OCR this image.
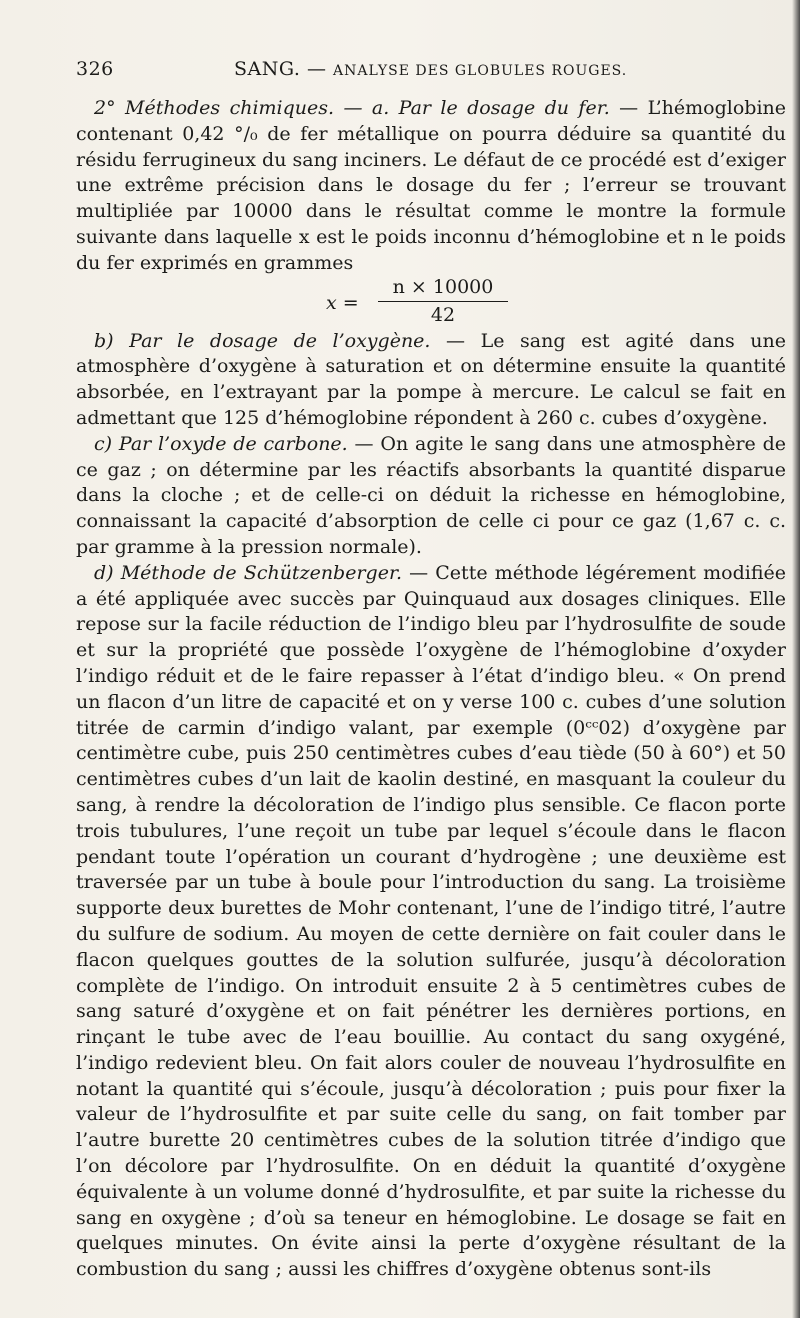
326	SANG. — ANALYSE DES GLOBULES ROUGES.

2° Méthodes chimiques. — a. Par le dosage du fer. — L’hémoglobine contenant 0,42 °/₀ de fer métallique on pourra déduire sa quantité du résidu ferrugineux du sang inciners. Le défaut de ce procédé est d’exiger une extrême précision dans le dosage du fer ; l’erreur se trouvant multipliée par 10000 dans le résultat comme le montre la formule suivante dans laquelle x est le poids inconnu d’hémoglobine et n le poids du fer exprimés en grammes

x =
n × 10000
42

b) Par le dosage de l’oxygène. — Le sang est agité dans une atmosphère d’oxygène à saturation et on détermine ensuite la quantité absorbée, en l’extrayant par la pompe à mercure. Le calcul se fait en admettant que 125 d’hémoglobine répondent à 260 c. cubes d’oxygène.

c) Par l’oxyde de carbone. — On agite le sang dans une atmosphère de ce gaz ; on détermine par les réactifs absorbants la quantité disparue dans la cloche ; et de celle-ci on déduit la richesse en hémoglobine, connaissant la capacité d’absorption de celle ci pour ce gaz (1,67 c. c. par gramme à la pression normale).

d) Méthode de Schützenberger. — Cette méthode légérement modifiée a été appliquée avec succès par Quinquaud aux dosages cliniques. Elle repose sur la facile réduction de l’indigo bleu par l’hydrosulfite de soude et sur la propriété que possède l’oxygène de l’hémoglobine d’oxyder l’indigo réduit et de le faire repasser à l’état d’indigo bleu. « On prend un flacon d’un litre de capacité et on y verse 100 c. cubes d’une solution titrée de carmin d’indigo valant, par exemple (0ᶜᶜ02) d’oxygène par centimètre cube, puis 250 centimètres cubes d’eau tiède (50 à 60°) et 50 centimètres cubes d’un lait de kaolin destiné, en masquant la couleur du sang, à rendre la décoloration de l’indigo plus sensible. Ce flacon porte trois tubulures, l’une reçoit un tube par lequel s’écoule dans le flacon pendant toute l’opération un courant d’hydrogène ; une deuxième est traversée par un tube à boule pour l’introduction du sang. La troisième supporte deux burettes de Mohr contenant, l’une de l’indigo titré, l’autre du sulfure de sodium. Au moyen de cette dernière on fait couler dans le flacon quelques gouttes de la solution sulfurée, jusqu’à décoloration complète de l’indigo. On introduit ensuite 2 à 5 centimètres cubes de sang saturé d’oxygène et on fait pénétrer les dernières portions, en rinçant le tube avec de l’eau bouillie. Au contact du sang oxygéné, l’indigo redevient bleu. On fait alors couler de nouveau l’hydrosulfite en notant la quantité qui s’écoule, jusqu’à décoloration ; puis pour fixer la valeur de l’hydrosulfite et par suite celle du sang, on fait tomber par l’autre burette 20 centimètres cubes de la solution titrée d’indigo que l’on décolore par l’hydrosulfite. On en déduit la quantité d’oxygène équivalente à un volume donné d’hydrosulfite, et par suite la richesse du sang en oxygène ; d’où sa teneur en hémoglobine. Le dosage se fait en quelques minutes. On évite ainsi la perte d’oxygène résultant de la combustion du sang ; aussi les chiffres d’oxygène obtenus sont-ils
